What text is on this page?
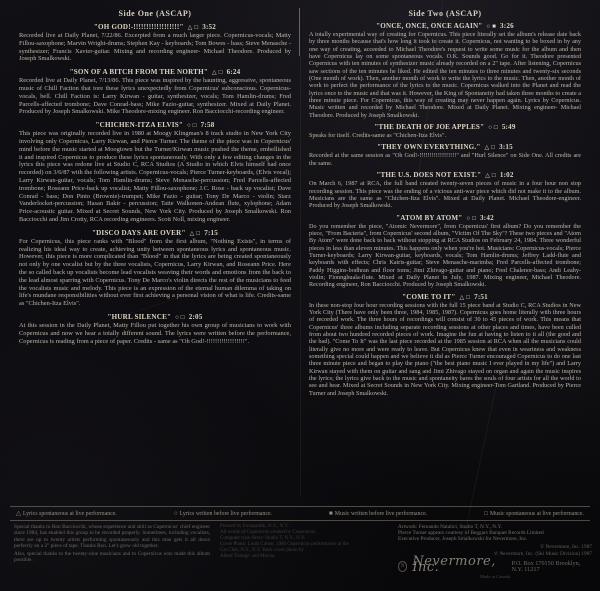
Side One (ASCAP)
"OH GOD!-!!!!!!!!!!!!!!!!!!" △ □ 3:52

Recorded live at Daily Planet, 7/22/86. Excerpted from a much larger piece. Copernicus-vocals; Matty Fillou-saxophone; Marvin Wright-drums; Stephen Kay - keyboards; Tom Bowes - bass; Steve Menasche - synthesizer; Francis Xavier-guitar. Mixing and recording engineer- Michael Theodore. Produced by Joseph Smalkowski.

"SON OF A BITCH FROM THE NORTH" △ □ 6:24

Recorded live at Daily Planet, 7/13/86. This piece was inspired by the haunting, aggressive, spontaneous music of Chill Faction that tore these lyrics unexpectedly from Copernicus' subconscious. Copernicus-vocals, bell. Chill Faction is: Larry Kirwan - guitar, synthesizer, vocals; Tom Hamlin-drums; Fred Parcells-affected trombone; Dave Conrad-bass; Mike Fazio-guitar, synthesizer. Mixed at Daily Planet. Produced by Joseph Smalkowski. Mike Theodore-mixing engineer. Ron Bacciocchi-recording engineer.

"CHICHEN-ITZA ELVIS" ○ □ 7:58

This piece was originally recorded live in 1980 at Moogy Klingman's 8 track studio in New York City involving only Copernicus, Larry Kirwan, and Pierce Turner. The theme of the piece was in Copernicus' mind before the music started at Moogtown but the Turner/Kirwan music pushed the theme, embellished it and inspired Copernicus to produce these lyrics spontaneously. With only a few editing changes in the lyrics this piece was redone live at Studio C, RCA Studios (A Studio in which Elvis himself had once recorded) on 3/6/87 with the following artists. Copernicus-vocals; Pierce Turner-keyboards, (Elvis vocal); Larry Kirwan-guitar, vocals; Tom Hamlin-drums; Steve Menasche-percussion; Fred Parcells-affected trombone; Roseann Price-back up vocalist; Matty Fillou-saxophone; J.C. Rose - back up vocalist; Dave Conrad - bass; Don Pinto (Brownie)-trumpet; Mike Fazio - guitar; Tony De Marco - violin; Starz Vanderlocket-percussion; Hasan Bakir - percussion; Taite Walkonen-Andean flute, xylophone; Adam Price-acoustic guitar. Mixed at Secret Sounds, New York City. Produced by Joseph Smalkowski. Ron Bacciocchi and Jim Crotty, RCA recording engineers. Scott Noll, mixing engineer.

"DISCO DAYS ARE OVER" △ □ 7:15

For Copernicus, this piece ranks with "Blood" from the first album, "Nothing Exists", in terms of realizing his ideal way to create, achieving unity between spontaneous lyrics and spontaneous music. However, this piece is more complicated than "Blood" in that the lyrics are being created spontaneously not only by one vocalist but by the three vocalists, Copernicus, Larry Kirwan, and Roseann Price. Here the so called back up vocalists become lead vocalists weaving their words and emotions from the back to the lead almost sparring with Copernicus. Tony De Marco's violin directs the rest of the musicians to feed the vocalists music and melody. This piece is an expression of the eternal human dilemma of taking on life's mundane responsibilities without ever first achieving a personal vision of what is life. Credits-same as "Chichen-Itza Elvis".

"HURL SILENCE" ○ □ 2:05

At this session in the Daily Planet, Matty Fillou put together his own group of musicians to work with Copernicus and now we hear a totally different sound. The lyrics were written before the performance, Copernicus is reading from a piece of paper. Credits - same as "Oh God!-!!!!!!!!!!!!!!!!!!".

Side Two (ASCAP)
"ONCE, ONCE, ONCE AGAIN" ○ ■ 3:26

A totally experimental way of creating for Copernicus. This piece literally set the album's release date back by three months because that's how long it took to create it. Copernicus, not wanting to be boxed in by any one way of creating, acceeded to Michael Theodore's request to write some music for the album and then have Copernicus lay on some spontaneous vocals. O.K. Sounds good. Go for it. Theodore presented Copernicus with ten minutes of synthesizer music already recorded on a 2" tape. After listening, Copernicus saw sections of the ten minutes he liked. He edited the ten minutes to three minutes and twenty-six seconds (One month of work). Then, another month of work to write the lyrics to the music. Then, another month of work to perfect the performance of the lyrics to the music. Copernicus walked into the Planet and read the lyrics once to the music and that was it. However, the King of Spontaneity had taken three months to create a three minute piece. For Copernicus, this way of creating may never happen again. Lyrics by Copernicus. Music written and recorded by Michael Theodore. Mixed at Daily Planet. Mixing engineer- Michael Theodore. Produced by Joseph Smalkowski.

"THE DEATH OF JOE APPLES" ○ □ 5:49

Speaks for itself. Credits-same as "Chichen-Itza Elvis".

"THEY OWN EVERYTHING." △ □ 3:15

Recorded at the same session as "Oh God!-!!!!!!!!!!!!!!!!!!" and "Hurl Silence" on Side One. All credits are the same.

"THE U.S. DOES NOT EXIST." △ □ 1:02

On March 6, 1987 at RCA, the full band created twenty-seven pieces of music in a four hour non stop recording session. This piece was the ending of a vicious anti-war piece which did not make it to the album. Musicians are the same as "Chichen-Itza Elvis". Mixed at Daily Planet. Michael Theodore-engineer. Produced by Joseph Smalkowski.

"ATOM BY ATOM" ○ □ 3:42

Do you remember the piece, "Atomic Nevermore", from Copernicus' first album? Do you remember the piece, "From Bacteria", from Copernicus' second album, "Victim Of The Sky"? These two pieces and "Atom By Atom" were done back to back without stopping at RCA Studios on February 24, 1984. Three wonderful pieces in less than eleven minutes. This happens only when you're hot. Musicians: Copernicus-vocals; Pierce Turner-keyboards; Larry Kirwan-guitar, keyboards, vocals; Tom Hamlin-drums; Jeffrey Ladd-flute and keyboards with effects; Chris Katris-guitar; Steve Menasche-marimba; Fred Parcells-affected trombone; Paddy Higgins-bodhran and floor toms; Jimi Zhivago-guitar and piano; Fred Chalenor-bass; Andi Leahy-violin; Fionnghuala-flute. Mixed at Daily Planet in July, 1987. Mixing engineer, Michael Theodore. Recording engineer, Ron Bacciocchi. Produced by Joseph Smalkowski.

"COME TO IT" △ □ 7:51

In these non-stop four hour recording sessions with the full 15 piece band at Studio C, RCA Studios in New York City (There have only been three, 1984, 1985, 1987). Copernicus goes home literally with three hours of recorded work. The three hours of recordings will consist of 30 to 45 pieces of work. This means that Copernicus' three albums including separate recording sessions at other places and times, have been culled from about two hundred recorded pieces of work. Imagine the fun at having to listen to it all (the good and the bad). "Come To It" was the last piece recorded at the 1985 session at RCA when all the musicians could literally give no more and were ready to leave. But Copernicus knew that even in weariness and weakness something special could happen and we believe it did as Pierce Turner encouraged Copernicus to do one last three minute piece and began to play the piano ("the best piano music I ever played in my life") and Larry Kirwan stayed with them on guitar and sang and Jimi Zhivago stayed on organ and again the music inspires the lyrics; the lyrics give back to the music and spontaneity bares the souls of four artists for all the world to see and hear. Mixed at Secret Sounds in New York City. Mixing engineer-Tom Gartland. Produced by Pierce Turner and Joseph Smalkowski.

△ Lyrics spontaneous at live performance.	○ Lyrics written before live performance.	■ Music written before live performance.	□ Music spontaneous at live performance.

Special thanks to Ron Bacciocchi, whose experience and skill as Copernicus' chief engineer since 1984, has enabled this group to be recorded properly. Sometimes, including vocalists, there are up to twenty artists performing spontaneously and this man gets it all down perfectly on a 2" piece of tape. Thanks Ron. Let's grow old together.

Also, special thanks to the twenty-nine musicians and to Copernicus who made this album possible.

Pressed by Europadisk, N.Y., N.Y.
All words of Copernicus created by Copernicus.
Computer type direct: Studio T, N.Y., N.Y.
Cover Photo: Louis Cohen, 1986 Copernicus performance at the
Cat Club, N.Y., N.Y. Back cover photo by
Albert 'Dotage' and Marcia.
Artwork: Fernando Natalici, Studio T, N.Y., N.Y.
Pierce Turner appears courtesy of Beggars Banquet Records Limited
Executive Producer, Joseph Smalkowski for Nevermore, Inc.
© Nevermore, Inc. 1987
℗ Nevermore, Inc. (Ski Music Division) 1987
N Nevermore, Inc.	P.O. Box 170150 Brooklyn, N.Y. 11217
Made in Canada
